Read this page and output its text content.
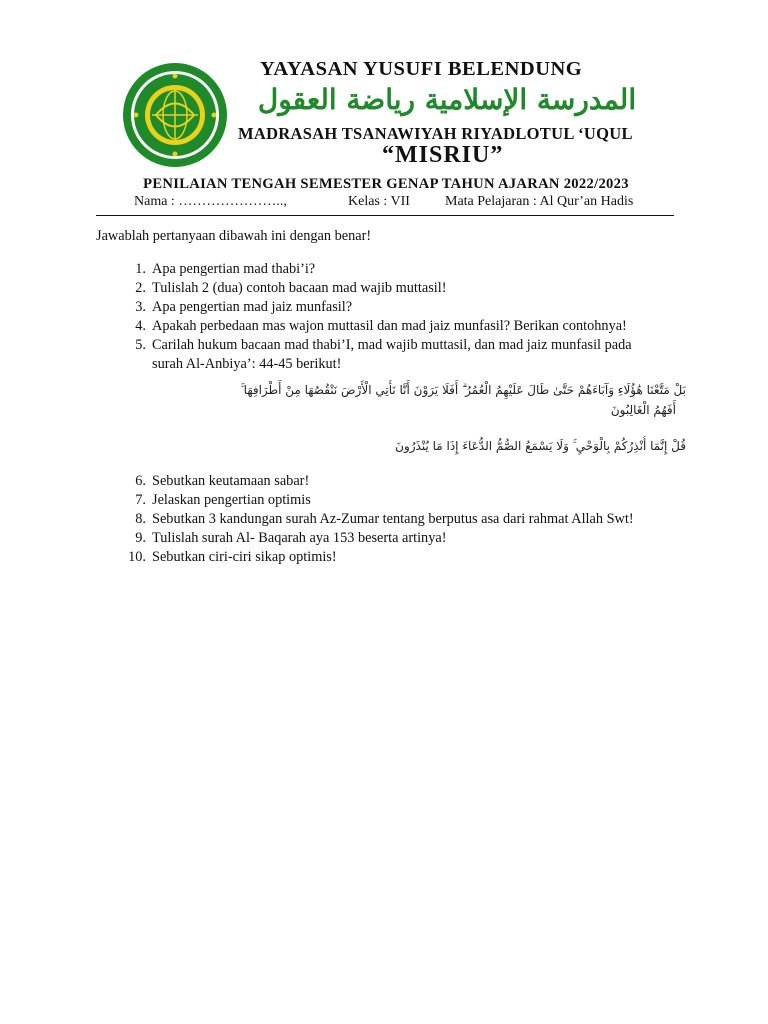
YAYASAN YUSUFI BELENDUNG
المدرسة الإسلامية رياضة العقول
MADRASAH TSANAWIYAH RIYADLOTUL ‘UQUL
“MISRIU”
PENILAIAN TENGAH SEMESTER GENAP TAHUN AJARAN 2022/2023
Nama : …………………..,	Kelas : VII	Mata Pelajaran : Al Qur’an Hadis
Jawablah pertanyaan dibawah ini dengan benar!
1. Apa pengertian mad thabi’i?
2. Tulislah 2 (dua) contoh bacaan mad wajib muttasil!
3. Apa pengertian mad jaiz munfasil?
4. Apakah perbedaan mas wajon muttasil dan mad jaiz munfasil? Berikan contohnya!
5. Carilah hukum bacaan mad thabi’I, mad wajib muttasil, dan mad jaiz munfasil pada
surah Al-Anbiya’: 44-45 berikut!
بَلْ مَتَّعْنَا هَٰؤُلَاءِ وَآبَاءَهُمْ حَتَّىٰ طَالَ عَلَيْهِمُ الْعُمُرُ ۗ أَفَلَا يَرَوْنَ أَنَّا نَأْتِي الْأَرْضَ نَنْقُصُهَا مِنْ أَطْرَافِهَا ۚ
أَفَهُمُ الْغَالِبُونَ
قُلْ إِنَّمَا أُنْذِرُكُمْ بِالْوَحْيِ ۚ وَلَا يَسْمَعُ الصُّمُّ الدُّعَاءَ إِذَا مَا يُنْذَرُونَ
6. Sebutkan keutamaan sabar!
7. Jelaskan pengertian optimis
8. Sebutkan 3 kandungan surah Az-Zumar tentang berputus asa dari rahmat Allah Swt!
9. Tulislah surah Al- Baqarah aya 153 beserta artinya!
10. Sebutkan ciri-ciri sikap optimis!
